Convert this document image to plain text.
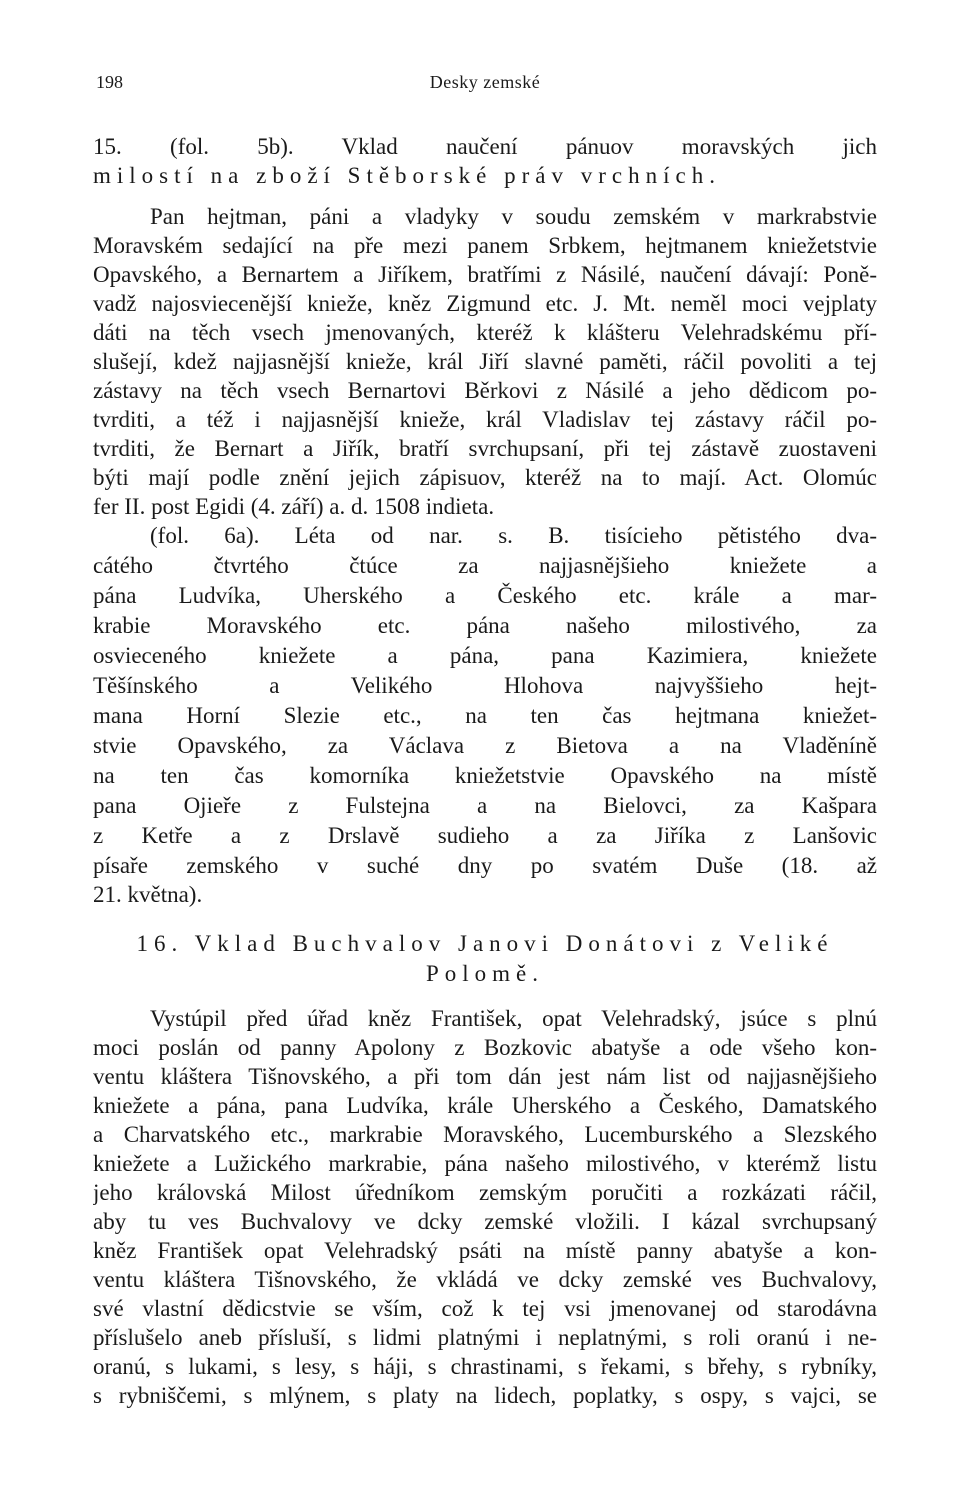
198	Desky zemské
15. (fol. 5b). Vklad naučení pánuov moravských jich
milostí na zboží Stěborské práv vrchních.
Pan hejtman, páni a vladyky v soudu zemském v markrabstvie
Moravském sedající na pře mezi panem Srbkem, hejtmanem kniežetstvie
Opavského, a Bernartem a Jiříkem, bratřími z Násilé, naučení dávají: Poně-
vadž najosviecenější knieže, kněz Zigmund etc. J. Mt. neměl moci vejplaty
dáti na těch vsech jmenovaných, kteréž k klášteru Velehradskému pří-
slušejí, kdež najjasnější knieže, král Jiří slavné paměti, ráčil povoliti a tej
zástavy na těch vsech Bernartovi Běrkovi z Násilé a jeho dědicom po-
tvrditi, a též i najjasnější knieže, král Vladislav tej zástavy ráčil po-
tvrditi, že Bernart a Jiřík, bratří svrchupsaní, při tej zástavě zuostaveni
býti mají podle znění jejich zápisuov, kteréž na to mají. Act. Olomúc
fer II. post Egidi (4. září) a. d. 1508 indieta.
(fol. 6a). Léta od nar. s. B. tisícieho pětistého dva-
cátého čtvrtého čtúce za najjasnějšieho kniežete a
pána Ludvíka, Uherského a Českého etc. krále a mar-
krabie Moravského etc. pána našeho milostivého, za
osvieceného kniežete a pána, pana Kazimiera, kniežete
Těšínského a Velikého Hlohova najvyššieho hejt-
mana Horní Slezie etc., na ten čas hejtmana kniežet-
stvie Opavského, za Václava z Bietova a na Vladěníně
na ten čas komorníka kniežetstvie Opavského na místě
pana Ojieře z Fulstejna a na Bielovci, za Kašpara
z Ketře a z Drslavě sudieho a za Jiříka z Lanšovic
písaře zemského v suché dny po svatém Duše (18. až
21. května).
16. Vklad Buchvalov Janovi Donátovi z Veliké
Polomě.
Vystúpil před úřad kněz František, opat Velehradský, jsúce s plnú
moci poslán od panny Apolony z Bozkovic abatyše a ode všeho kon-
ventu kláštera Tišnovského, a při tom dán jest nám list od najjasnějšieho
kniežete a pána, pana Ludvíka, krále Uherského a Českého, Damatského
a Charvatského etc., markrabie Moravského, Lucemburského a Slezského
kniežete a Lužického markrabie, pána našeho milostivého, v kterémž listu
jeho královská Milost úředníkom zemským poručiti a rozkázati ráčil,
aby tu ves Buchvalovy ve dcky zemské vložili. I kázal svrchupsaný
kněz František opat Velehradský psáti na místě panny abatyše a kon-
ventu kláštera Tišnovského, že vkládá ve dcky zemské ves Buchvalovy,
své vlastní dědicstvie se vším, což k tej vsi jmenovanej od starodávna
příslušelo aneb přísluší, s lidmi platnými i neplatnými, s roli oranú i ne-
oranú, s lukami, s lesy, s háji, s chrastinami, s řekami, s břehy, s rybníky,
s rybniščemi, s mlýnem, s platy na lidech, poplatky, s ospy, s vajci, se
